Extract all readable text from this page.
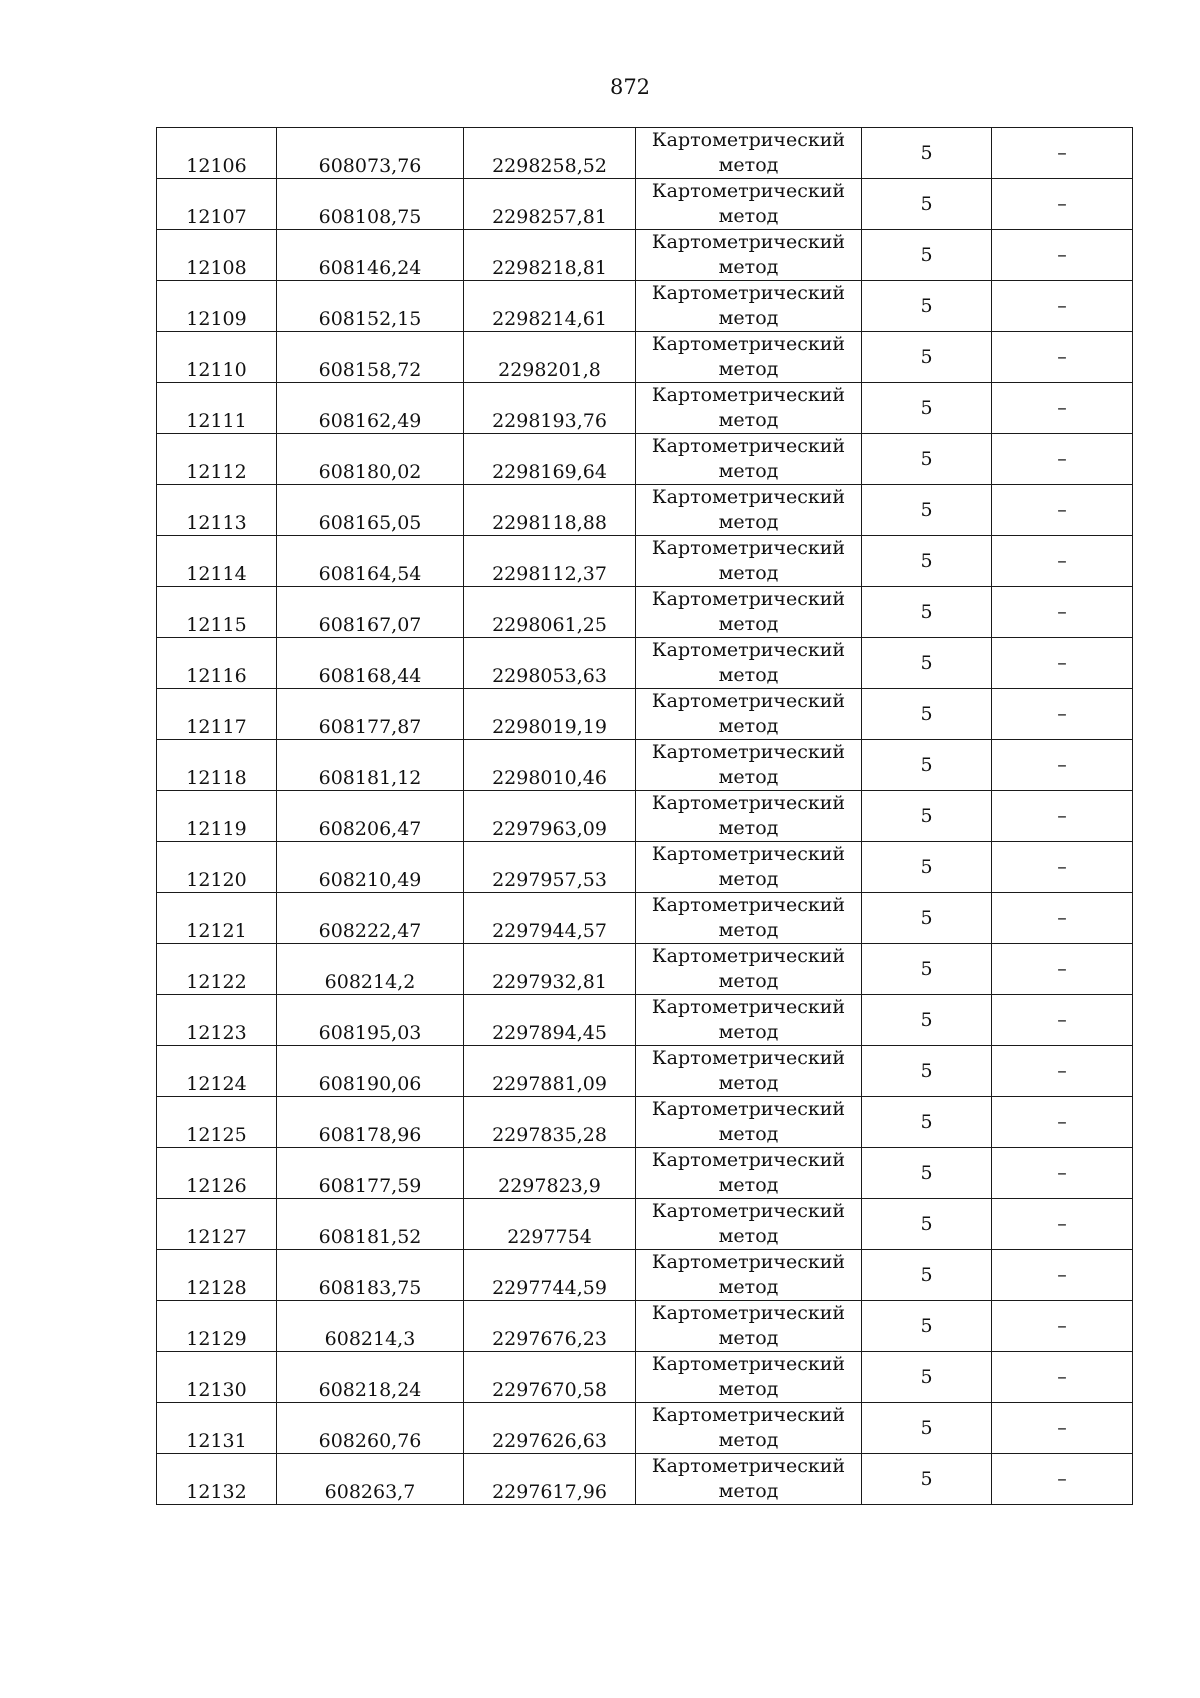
872
12106	608073,76	2298258,52	Картометрический метод	5	–
12107	608108,75	2298257,81	Картометрический метод	5	–
12108	608146,24	2298218,81	Картометрический метод	5	–
12109	608152,15	2298214,61	Картометрический метод	5	–
12110	608158,72	2298201,8	Картометрический метод	5	–
12111	608162,49	2298193,76	Картометрический метод	5	–
12112	608180,02	2298169,64	Картометрический метод	5	–
12113	608165,05	2298118,88	Картометрический метод	5	–
12114	608164,54	2298112,37	Картометрический метод	5	–
12115	608167,07	2298061,25	Картометрический метод	5	–
12116	608168,44	2298053,63	Картометрический метод	5	–
12117	608177,87	2298019,19	Картометрический метод	5	–
12118	608181,12	2298010,46	Картометрический метод	5	–
12119	608206,47	2297963,09	Картометрический метод	5	–
12120	608210,49	2297957,53	Картометрический метод	5	–
12121	608222,47	2297944,57	Картометрический метод	5	–
12122	608214,2	2297932,81	Картометрический метод	5	–
12123	608195,03	2297894,45	Картометрический метод	5	–
12124	608190,06	2297881,09	Картометрический метод	5	–
12125	608178,96	2297835,28	Картометрический метод	5	–
12126	608177,59	2297823,9	Картометрический метод	5	–
12127	608181,52	2297754	Картометрический метод	5	–
12128	608183,75	2297744,59	Картометрический метод	5	–
12129	608214,3	2297676,23	Картометрический метод	5	–
12130	608218,24	2297670,58	Картометрический метод	5	–
12131	608260,76	2297626,63	Картометрический метод	5	–
12132	608263,7	2297617,96	Картометрический метод	5	–
